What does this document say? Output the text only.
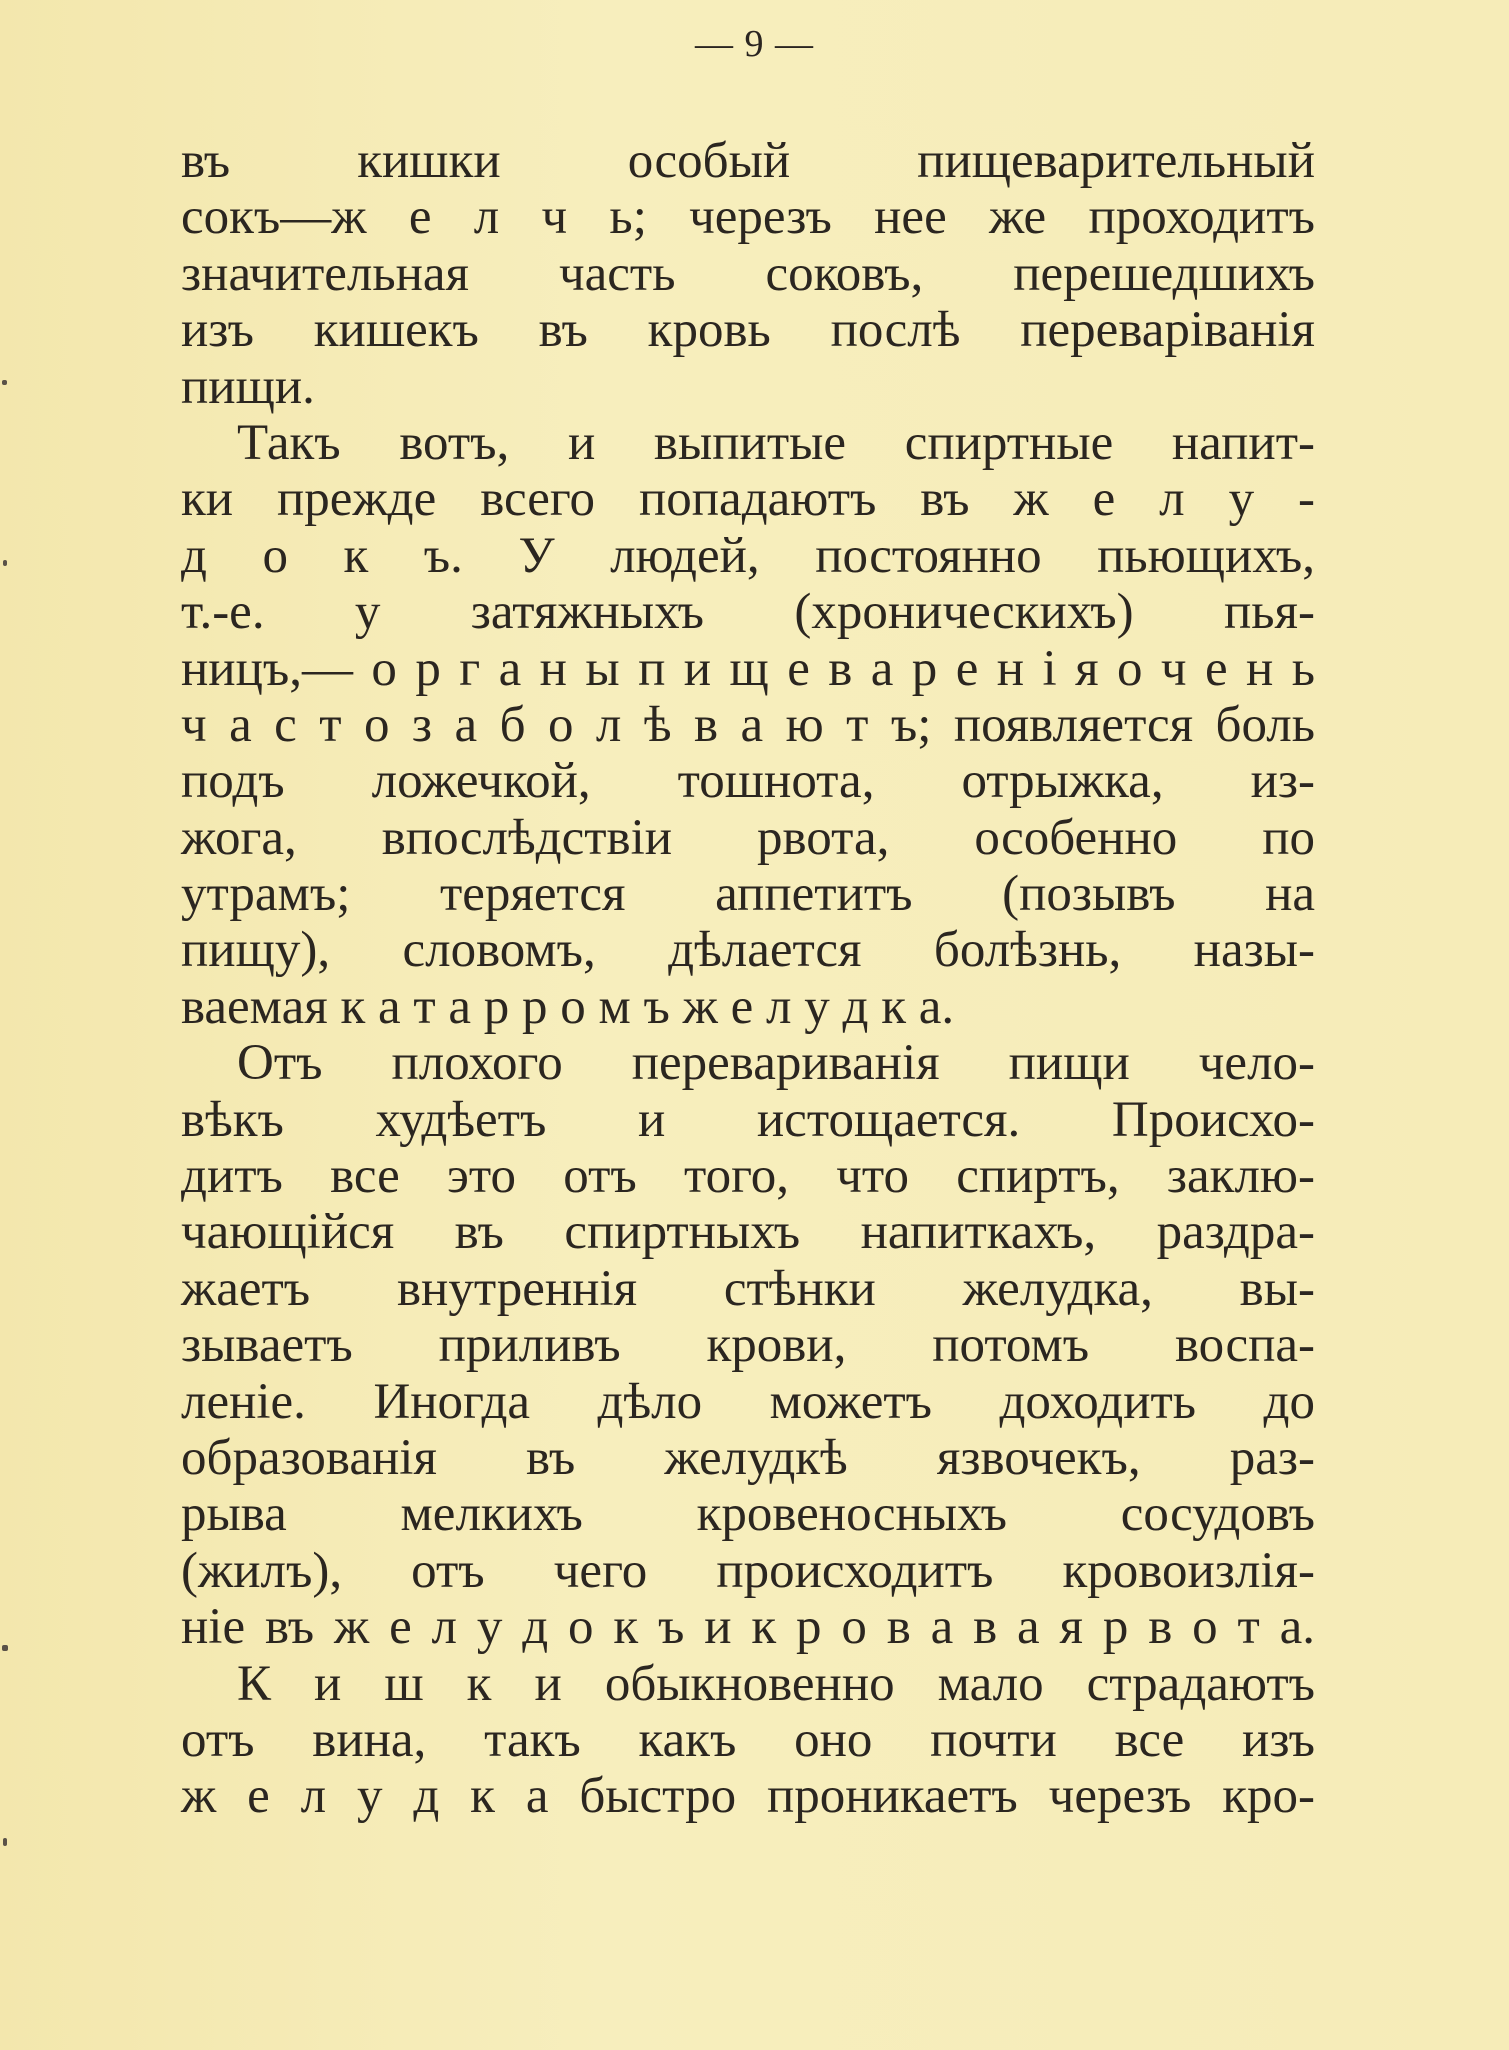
— 9 —
въ кишки особый пищеварительный
сокъ—ж е л ч ь; черезъ нее же проходитъ
значительная часть соковъ, перешедшихъ
изъ кишекъ въ кровь послѣ переваріванія
пищи.
Такъ вотъ, и выпитые спиртные напит-
ки прежде всего попадаютъ въ ж е л у -
д о к ъ. У людей, постоянно пьющихъ,
т.-е. у затяжныхъ (хроническихъ) пья-
ницъ,— о р г а н ы п и щ е в а р е н і я о ч е н ь
ч а с т о з а б о л ѣ в а ю т ъ; появляется боль
подъ ложечкой, тошнота, отрыжка, из-
жога, впослѣдствіи рвота, особенно по
утрамъ; теряется аппетитъ (позывъ на
пищу), словомъ, дѣлается болѣзнь, назы-
ваемая к а т а р р о м ъ ж е л у д к а.
Отъ плохого перевариванія пищи чело-
вѣкъ худѣетъ и истощается. Происхо-
дитъ все это отъ того, что спиртъ, заклю-
чающійся въ спиртныхъ напиткахъ, раздра-
жаетъ внутреннія стѣнки желудка, вы-
зываетъ приливъ крови, потомъ воспа-
леніе. Иногда дѣло можетъ доходить до
образованія въ желудкѣ язвочекъ, раз-
рыва мелкихъ кровеносныхъ сосудовъ
(жилъ), отъ чего происходитъ кровоизлія-
ніе въ ж е л у д о к ъ и к р о в а в а я р в о т а.
К и ш к и обыкновенно мало страдаютъ
отъ вина, такъ какъ оно почти все изъ
ж е л у д к а быстро проникаетъ черезъ кро-
